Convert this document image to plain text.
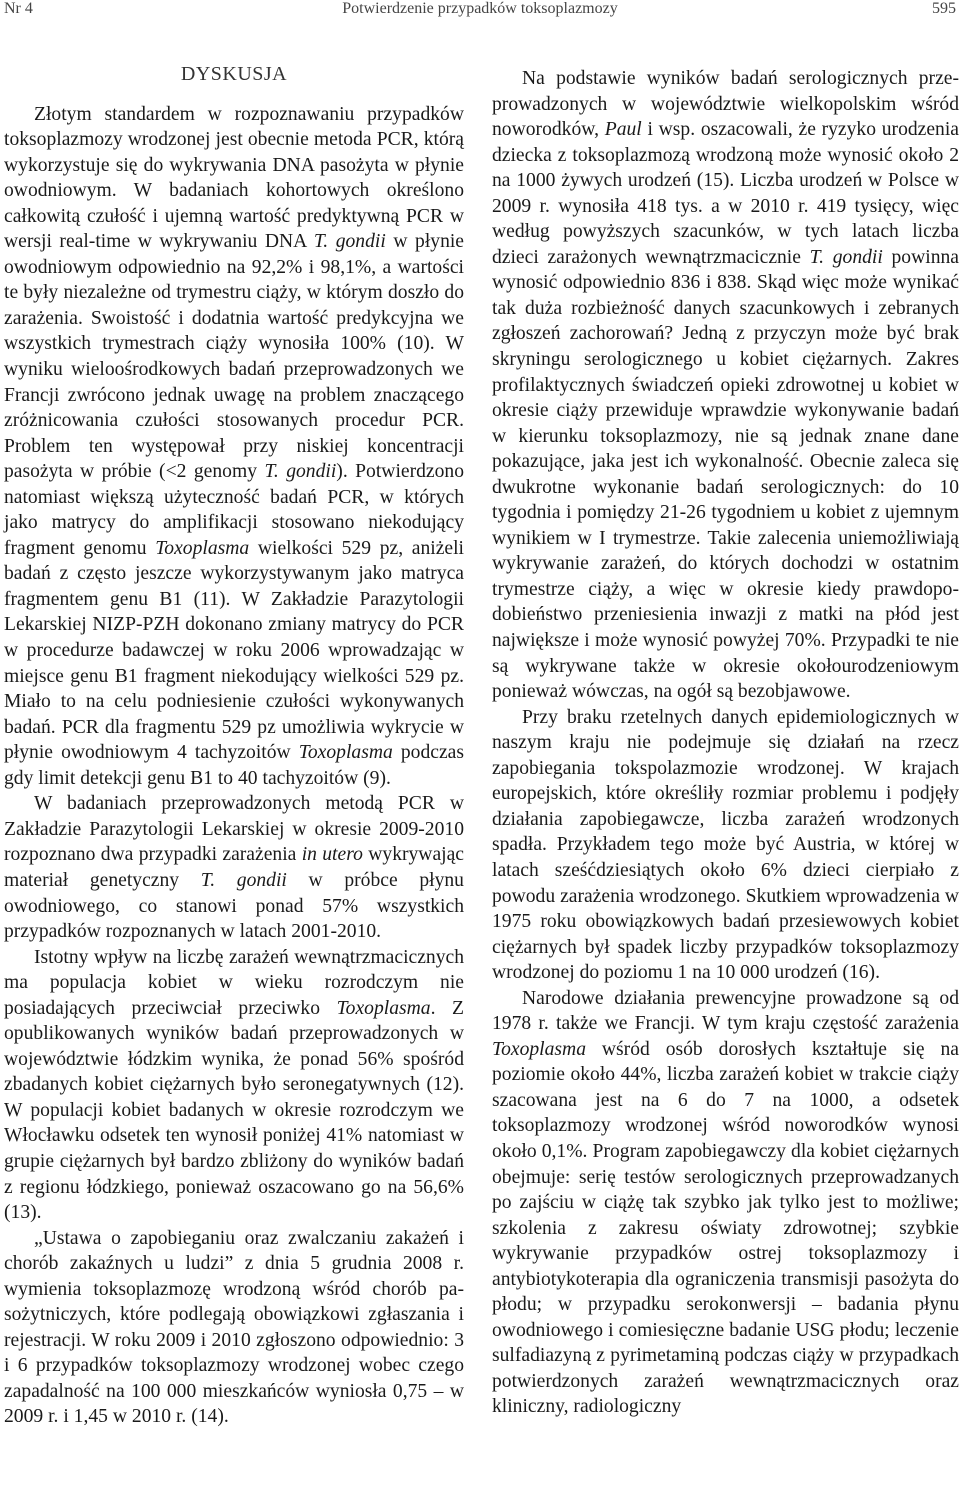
Nr 4	Potwierdzenie przypadków toksoplazmozy	595
DYSKUSJA

Złotym standardem w rozpoznawaniu przypadków toksoplazmozy wrodzonej jest obecnie metoda PCR, którą wykorzystuje się do wykrywania DNA pasożyta w płynie owodniowym. W badaniach kohortowych określono całkowitą czułość i ujemną wartość predyktywną PCR w wersji real-time w wykrywaniu DNA T. gondii w płynie owodniowym odpowiednio na 92,2% i 98,1%, a wartości te były niezależne od trymestru ciąży, w którym doszło do zarażenia. Swoistość i dodatnia wartość predykcyjna we wszystkich trymestrach ciąży wynosiła 100% (10). W wyniku wieloośrodkowych badań przeprowadzonych we Francji zwrócono jednak uwagę na problem znaczącego zróżnicowania czułości stosowanych procedur PCR. Problem ten występował przy niskiej koncentracji pasożyta w próbie (<2 genomy T. gondii). Potwierdzono natomiast większą użyteczność badań PCR, w których jako matrycy do amplifikacji stosowano niekodujący fragment genomu Toxoplasma wielkości 529 pz, aniżeli badań z często jeszcze wykorzystywanym jako matryca fragmentem genu B1 (11). W Zakładzie Parazytologii Lekarskiej NIZP-PZH dokonano zmiany matrycy do PCR w procedurze badawczej w roku 2006 wprowadzając w miejsce genu B1 fragment niekodujący wielkości 529 pz. Miało to na celu podniesienie czułości wykonywanych badań. PCR dla fragmentu 529 pz umożliwia wykrycie w płynie owodniowym 4 tachyzoitów Toxoplasma podczas gdy limit detekcji genu B1 to 40 tachyzoitów (9).

W badaniach przeprowadzonych metodą PCR w Zakładzie Parazytologii Lekarskiej w okresie 2009-2010 rozpoznano dwa przypadki zarażenia in utero wykrywając materiał genetyczny T. gondii w próbce płynu owodniowego, co stanowi ponad 57% wszystkich przypadków rozpoznanych w latach 2001-2010.

Istotny wpływ na liczbę zarażeń wewnątrzmacicznych ma populacja kobiet w wieku rozrodczym nie posiadających przeciwciał przeciwko Toxoplasma. Z opublikowanych wyników badań przeprowadzonych w województwie łódzkim wynika, że ponad 56% spośród zbadanych kobiet ciężarnych było seronegatywnych (12). W populacji kobiet badanych w okresie rozrodczym we Włocławku odsetek ten wynosił poniżej 41% natomiast w grupie ciężarnych był bardzo zbliżony do wyników badań z regionu łódzkiego, ponieważ oszacowano go na 56,6% (13).

„Ustawa o zapobieganiu oraz zwalczaniu zakażeń i chorób zakaźnych u ludzi” z dnia 5 grudnia 2008 r. wymienia toksoplazmozę wrodzoną wśród chorób pasożytniczych, które podlegają obowiązkowi zgłaszania i rejestracji. W roku 2009 i 2010 zgłoszono odpowiednio: 3 i 6 przypadków toksoplazmozy wrodzonej wobec czego zapadalność na 100 000 mieszkańców wyniosła 0,75 – w 2009 r. i 1,45 w 2010 r. (14).

Na podstawie wyników badań serologicznych przeprowadzonych w województwie wielkopolskim wśród noworodków, Paul i wsp. oszacowali, że ryzyko urodzenia dziecka z toksoplazmozą wrodzoną może wynosić około 2 na 1000 żywych urodzeń (15). Liczba urodzeń w Polsce w 2009 r. wynosiła 418 tys. a w 2010 r. 419 tysięcy, więc według powyższych szacunków, w tych latach liczba dzieci zarażonych wewnątrzmacicznie T. gondii powinna wynosić odpowiednio 836 i 838. Skąd więc może wynikać tak duża rozbieżność danych szacunkowych i zebranych zgłoszeń zachorowań? Jedną z przyczyn może być brak skryningu serologicznego u kobiet ciężarnych. Zakres profilaktycznych świadczeń opieki zdrowotnej u kobiet w okresie ciąży przewiduje wprawdzie wykonywanie badań w kierunku toksoplazmozy, nie są jednak znane dane pokazujące, jaka jest ich wykonalność. Obecnie zaleca się dwukrotne wykonanie badań serologicznych: do 10 tygodnia i pomiędzy 21-26 tygodniem u kobiet z ujemnym wynikiem w I trymestrze. Takie zalecenia uniemożliwiają wykrywanie zarażeń, do których dochodzi w ostatnim trymestrze ciąży, a więc w okresie kiedy prawdopodobieństwo przeniesienia inwazji z matki na płód jest największe i może wynosić powyżej 70%. Przypadki te nie są wykrywane także w okresie okołourodzeniowym ponieważ wówczas, na ogół są bezobjawowe.

Przy braku rzetelnych danych epidemiologicznych w naszym kraju nie podejmuje się działań na rzecz zapobiegania tokspolazmozie wrodzonej. W krajach europejskich, które określiły rozmiar problemu i podjęły działania zapobiegawcze, liczba zarażeń wrodzonych spadła. Przykładem tego może być Austria, w której w latach sześćdziesiątych około 6% dzieci cierpiało z powodu zarażenia wrodzonego. Skutkiem wprowadzenia w 1975 roku obowiązkowych badań przesiewowych kobiet ciężarnych był spadek liczby przypadków toksoplazmozy wrodzonej do poziomu 1 na 10 000 urodzeń (16).

Narodowe działania prewencyjne prowadzone są od 1978 r. także we Francji. W tym kraju częstość zarażenia Toxoplasma wśród osób dorosłych kształtuje się na poziomie około 44%, liczba zarażeń kobiet w trakcie ciąży szacowana jest na 6 do 7 na 1000, a odsetek toksoplazmozy wrodzonej wśród noworodków wynosi około 0,1%. Program zapobiegawczy dla kobiet ciężarnych obejmuje: serię testów serologicznych przeprowadzanych po zajściu w ciążę tak szybko jak tylko jest to możliwe; szkolenia z zakresu oświaty zdrowotnej; szybkie wykrywanie przypadków ostrej toksoplazmozy i antybiotykoterapia dla ograniczenia transmisji pasożyta do płodu; w przypadku serokonwersji – badania płynu owodniowego i comiesięczne badanie USG płodu; leczenie sulfadiazyną z pyrimetaminą podczas ciąży w przypadkach potwierdzonych zarażeń wewnątrzmacicznych oraz kliniczny, radiologiczny
